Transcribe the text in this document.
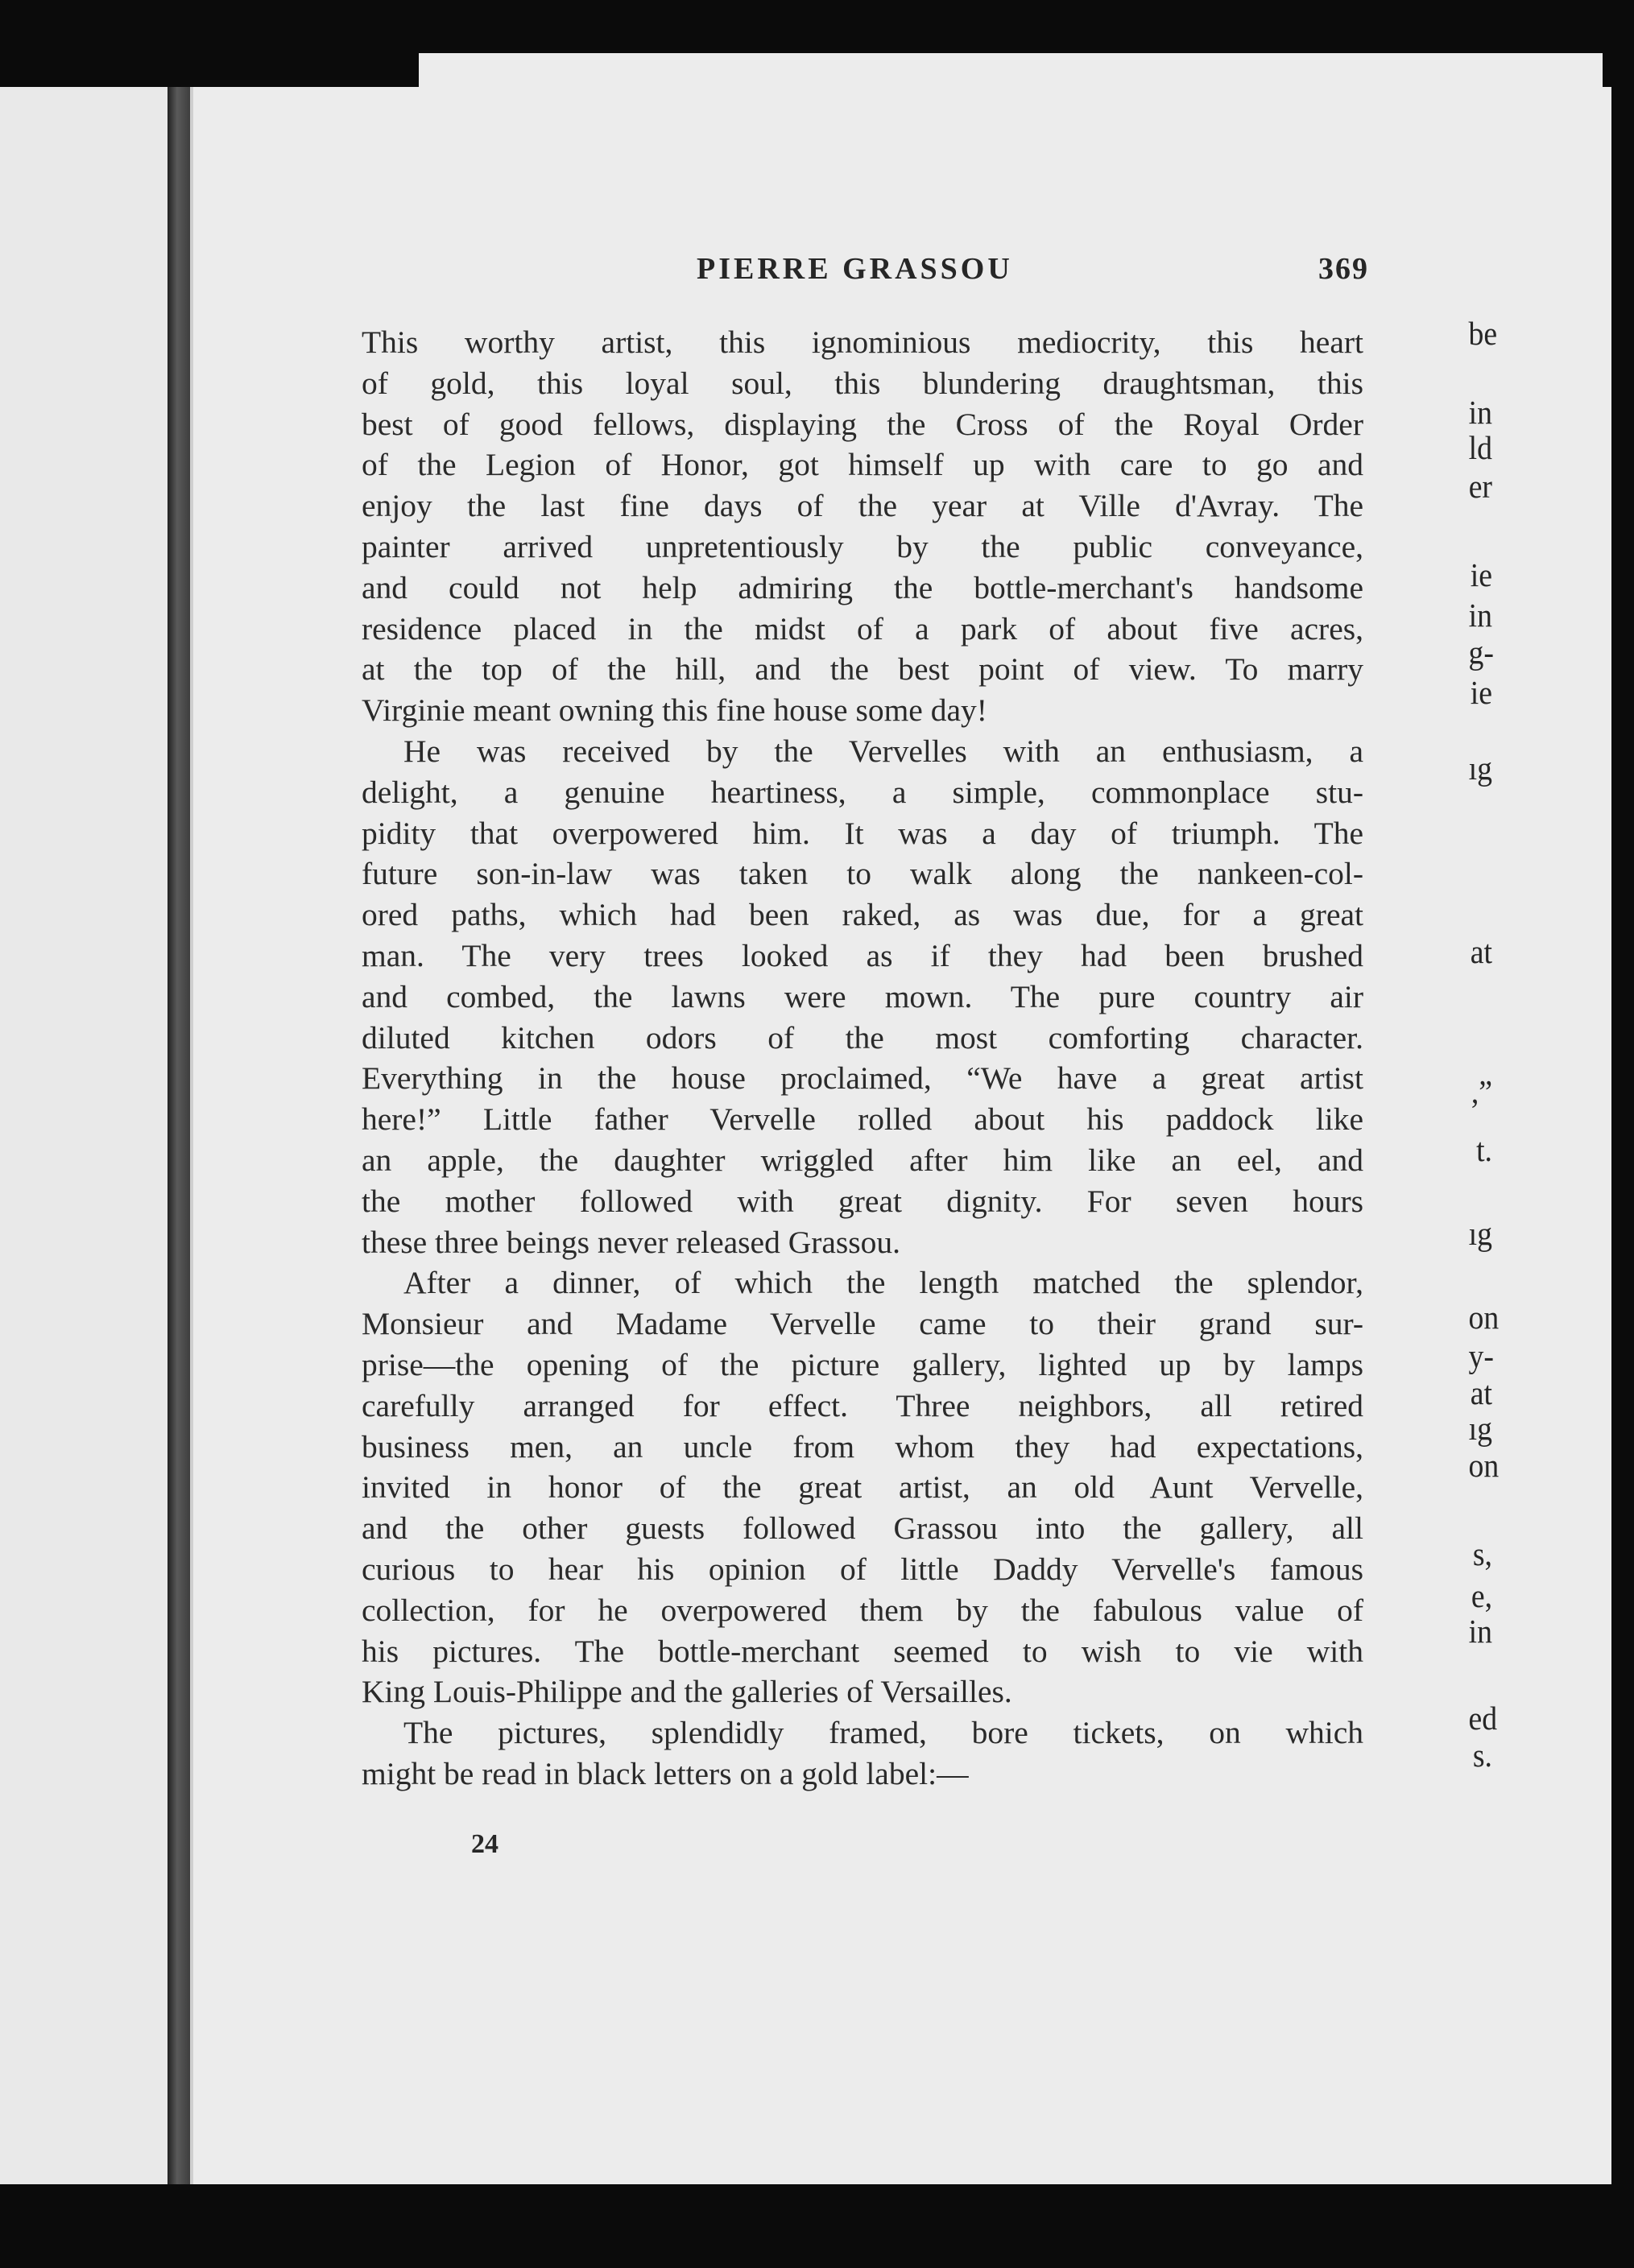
be
in
ld
er
ie
in
g-
ie
ıg
at
,”
t.
ıg
on
y-
at
ıg
on
s,
e,
in
ed
s.
PIERRE GRASSOU	369
This worthy artist, this ignominious mediocrity, this heart
of gold, this loyal soul, this blundering draughtsman, this
best of good fellows, displaying the Cross of the Royal Order
of the Legion of Honor, got himself up with care to go and
enjoy the last fine days of the year at Ville d'Avray. The
painter arrived unpretentiously by the public conveyance,
and could not help admiring the bottle-merchant's handsome
residence placed in the midst of a park of about five acres,
at the top of the hill, and the best point of view. To marry
Virginie meant owning this fine house some day!
He was received by the Vervelles with an enthusiasm, a
delight, a genuine heartiness, a simple, commonplace stu-
pidity that overpowered him. It was a day of triumph. The
future son-in-law was taken to walk along the nankeen-col-
ored paths, which had been raked, as was due, for a great
man. The very trees looked as if they had been brushed
and combed, the lawns were mown. The pure country air
diluted kitchen odors of the most comforting character.
Everything in the house proclaimed, “We have a great artist
here!” Little father Vervelle rolled about his paddock like
an apple, the daughter wriggled after him like an eel, and
the mother followed with great dignity. For seven hours
these three beings never released Grassou.
After a dinner, of which the length matched the splendor,
Monsieur and Madame Vervelle came to their grand sur-
prise—the opening of the picture gallery, lighted up by lamps
carefully arranged for effect. Three neighbors, all retired
business men, an uncle from whom they had expectations,
invited in honor of the great artist, an old Aunt Vervelle,
and the other guests followed Grassou into the gallery, all
curious to hear his opinion of little Daddy Vervelle's famous
collection, for he overpowered them by the fabulous value of
his pictures. The bottle-merchant seemed to wish to vie with
King Louis-Philippe and the galleries of Versailles.
The pictures, splendidly framed, bore tickets, on which
might be read in black letters on a gold label:—
24
